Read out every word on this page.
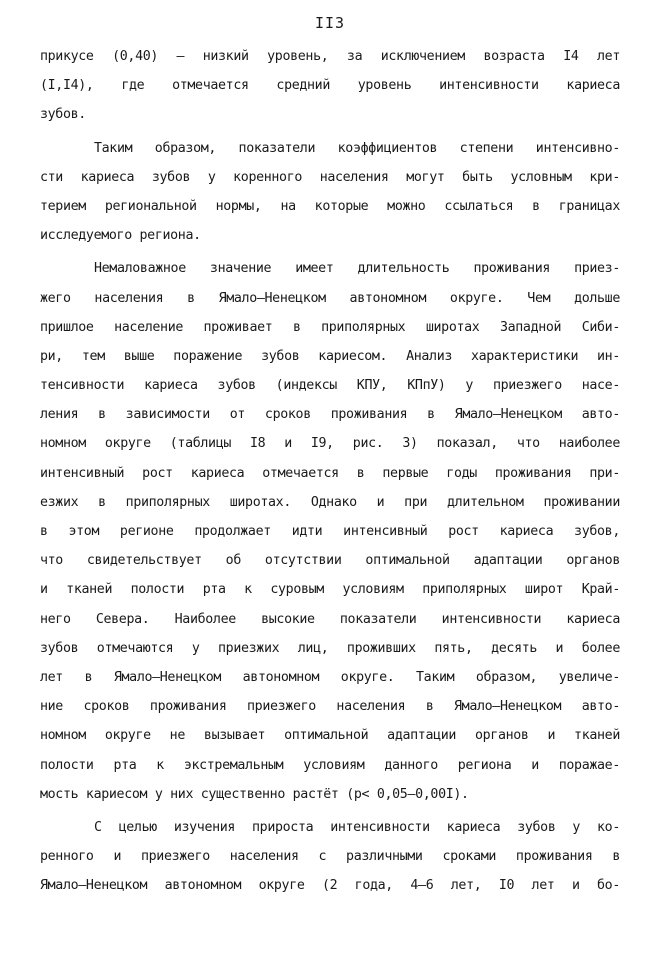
II3
прикусе (0,40) – низкий уровень, за исключением возраста I4 лет
(I,I4), где отмечается средний уровень интенсивности кариеса
зубов.
Таким образом, показатели коэффициентов степени интенсивно-
сти кариеса зубов у коренного населения могут быть условным кри-
терием региональной нормы, на которые можно ссылаться в границах
исследуемого региона.
Немаловажное значение имеет длительность проживания приез-
жего населения в Ямало–Ненецком автономном округе. Чем дольше
пришлое население проживает в приполярных широтах Западной Сиби-
ри, тем выше поражение зубов кариесом. Анализ характеристики ин-
тенсивности кариеса зубов (индексы КПУ, КПпУ) у приезжего насе-
ления в зависимости от сроков проживания в Ямало–Ненецком авто-
номном округе (таблицы I8 и I9, рис. 3) показал, что наиболее
интенсивный рост кариеса отмечается в первые годы проживания при-
езжих в приполярных широтах. Однако и при длительном проживании
в этом регионе продолжает идти интенсивный рост кариеса зубов,
что свидетельствует об отсутствии оптимальной адаптации органов
и тканей полости рта к суровым условиям приполярных широт Край-
него Севера. Наиболее высокие показатели интенсивности кариеса
зубов отмечаются у приезжих лиц, проживших пять, десять и более
лет в Ямало–Ненецком автономном округе. Таким образом, увеличе-
ние сроков проживания приезжего населения в Ямало–Ненецком авто-
номном округе не вызывает оптимальной адаптации органов и тканей
полости рта к экстремальным условиям данного региона и поражае-
мость кариесом у них существенно растёт (р< 0,05–0,00I).
С целью изучения прироста интенсивности кариеса зубов у ко-
ренного и приезжего населения с различными сроками проживания в
Ямало–Ненецком автономном округе (2 года, 4–6 лет, I0 лет и бо-
